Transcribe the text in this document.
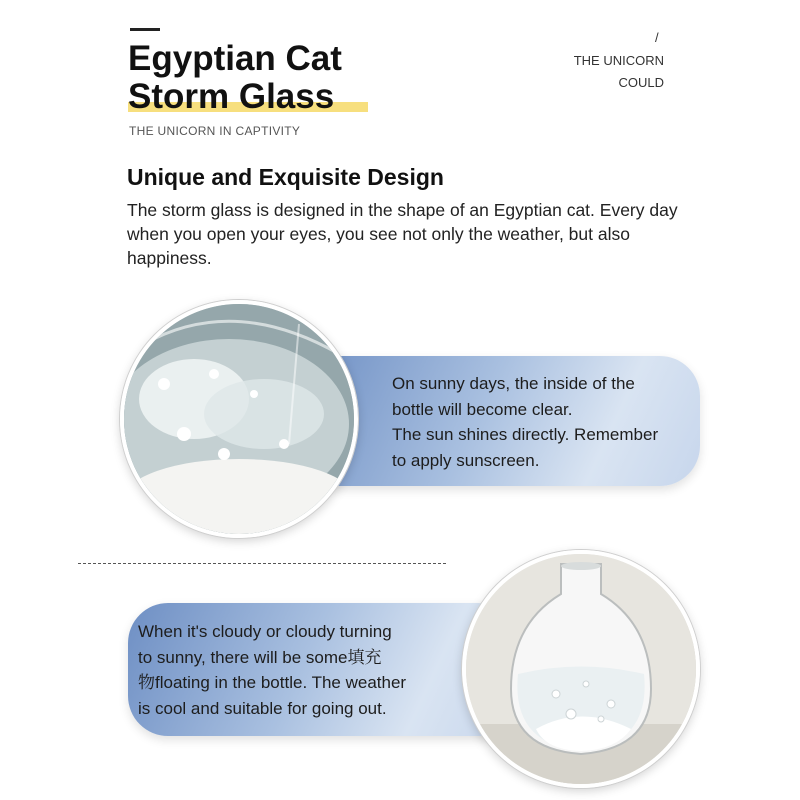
Egyptian Cat
Storm Glass
THE UNICORN IN CAPTIVITY
/
THE UNICORN
COULD
Unique and Exquisite Design

The storm glass is designed in the shape of an Egyptian cat. Every day when you open your eyes, you see not only the weather, but also happiness.

On sunny days, the inside of the
bottle will become clear.
The sun shines directly. Remember
to apply sunscreen.
When it's cloudy or cloudy turning
to sunny, there will be some填充
物floating in the bottle. The weather
is cool and suitable for going out.
